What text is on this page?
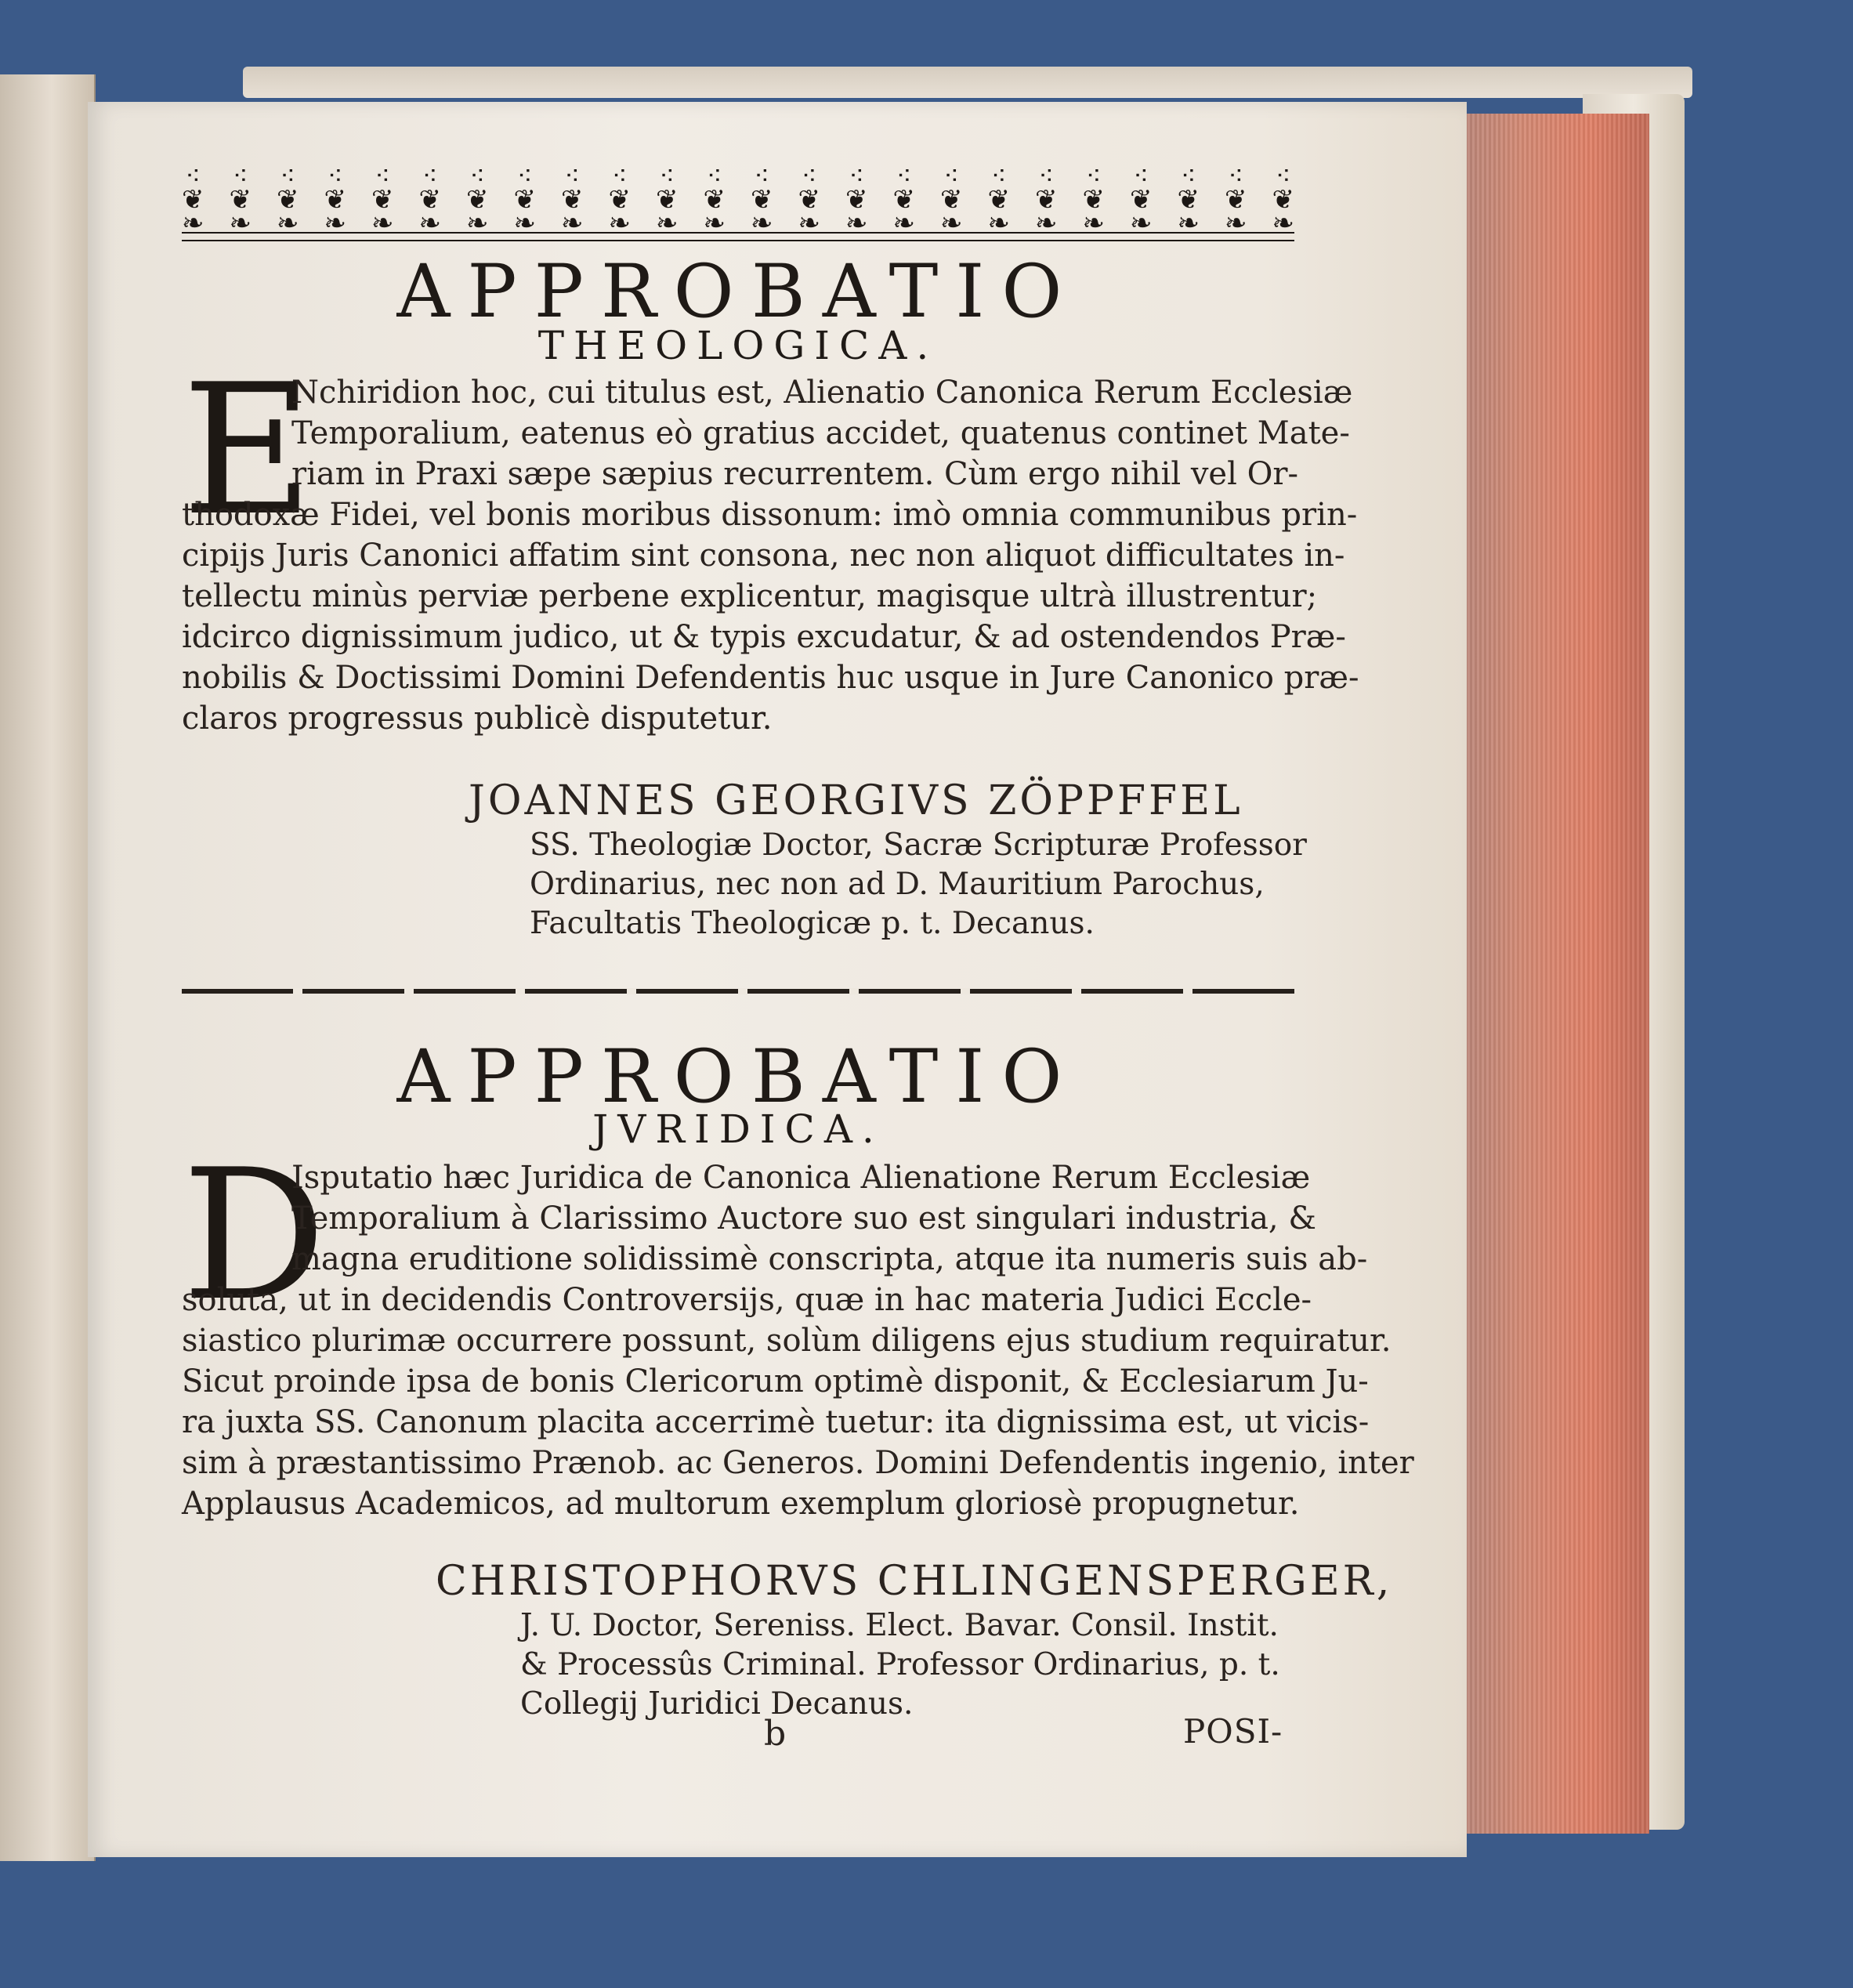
⁖
❦
❧
⁖
❦
❧
⁖
❦
❧
⁖
❦
❧
⁖
❦
❧
⁖
❦
❧
⁖
❦
❧
⁖
❦
❧
⁖
❦
❧
⁖
❦
❧
⁖
❦
❧
⁖
❦
❧
⁖
❦
❧
⁖
❦
❧
⁖
❦
❧
⁖
❦
❧
⁖
❦
❧
⁖
❦
❧
⁖
❦
❧
⁖
❦
❧
⁖
❦
❧
⁖
❦
❧
⁖
❦
❧
⁖
❦
❧
APPROBATIO
THEOLOGICA.
E
Nchiridion hoc, cui titulus est, Alienatio Canonica Rerum Ecclesiæ
Temporalium, eatenus eò gratius accidet, quatenus continet Mate-
riam in Praxi sæpe sæpius recurrentem. Cùm ergo nihil vel Or-
thodoxæ Fidei, vel bonis moribus dissonum: imò omnia communibus prin-
cipijs Juris Canonici affatim sint consona, nec non aliquot difficultates in-
tellectu minùs perviæ perbene explicentur, magisque ultrà illustrentur;
idcirco dignissimum judico, ut & typis excudatur, & ad ostendendos Præ-
nobilis & Doctissimi Domini Defendentis huc usque in Jure Canonico præ-
claros progressus publicè disputetur.
JOANNES GEORGIVS ZÖPPFFEL
SS. Theologiæ Doctor, Sacræ Scripturæ Professor
Ordinarius, nec non ad D. Mauritium Parochus,
Facultatis Theologicæ p. t. Decanus.
APPROBATIO
JVRIDICA.
D
Isputatio hæc Juridica de Canonica Alienatione Rerum Ecclesiæ
Temporalium à Clarissimo Auctore suo est singulari industria, &
magna eruditione solidissimè conscripta, atque ita numeris suis ab-
soluta, ut in decidendis Controversijs, quæ in hac materia Judici Eccle-
siastico plurimæ occurrere possunt, solùm diligens ejus studium requiratur.
Sicut proinde ipsa de bonis Clericorum optimè disponit, & Ecclesiarum Ju-
ra juxta SS. Canonum placita accerrimè tuetur: ita dignissima est, ut vicis-
sim à præstantissimo Prænob. ac Generos. Domini Defendentis ingenio, inter
Applausus Academicos, ad multorum exemplum gloriosè propugnetur.
CHRISTOPHORVS CHLINGENSPERGER,
J. U. Doctor, Sereniss. Elect. Bavar. Consil. Instit.
& Processûs Criminal. Professor Ordinarius, p. t.
Collegij Juridici Decanus.
b	POSI-
